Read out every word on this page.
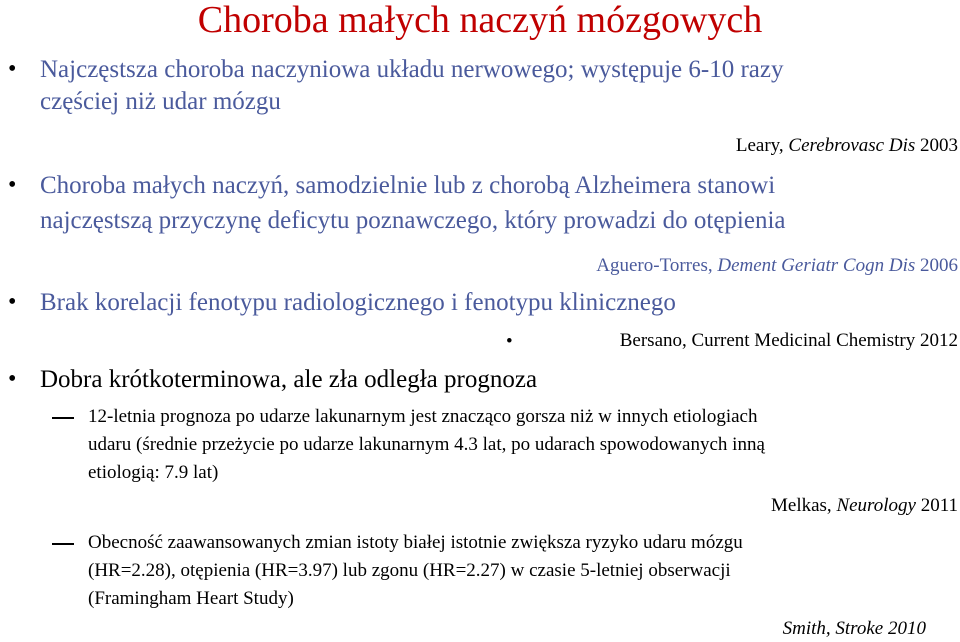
Choroba małych naczyń mózgowych
• Najczęstsza choroba naczyniowa układu nerwowego; występuje 6-10 razy
częściej niż udar mózgu
Leary, Cerebrovasc Dis 2003
• Choroba małych naczyń, samodzielnie lub z chorobą Alzheimera stanowi
najczęstszą przyczynę deficytu poznawczego, który prowadzi do otępienia
Aguero-Torres, Dement Geriatr Cogn Dis 2006
• Brak korelacji fenotypu radiologicznego i fenotypu klinicznego
•	Bersano, Current Medicinal Chemistry 2012
• Dobra krótkoterminowa, ale zła odległa prognoza
12-letnia prognoza po udarze lakunarnym jest znacząco gorsza niż w innych etiologiach
udaru (średnie przeżycie po udarze lakunarnym 4.3 lat, po udarach spowodowanych inną
etiologią: 7.9 lat)
Melkas, Neurology 2011
Obecność zaawansowanych zmian istoty białej istotnie zwiększa ryzyko udaru mózgu
(HR=2.28), otępienia (HR=3.97) lub zgonu (HR=2.27) w czasie 5-letniej obserwacji
(Framingham Heart Study)
Smith, Stroke 2010
